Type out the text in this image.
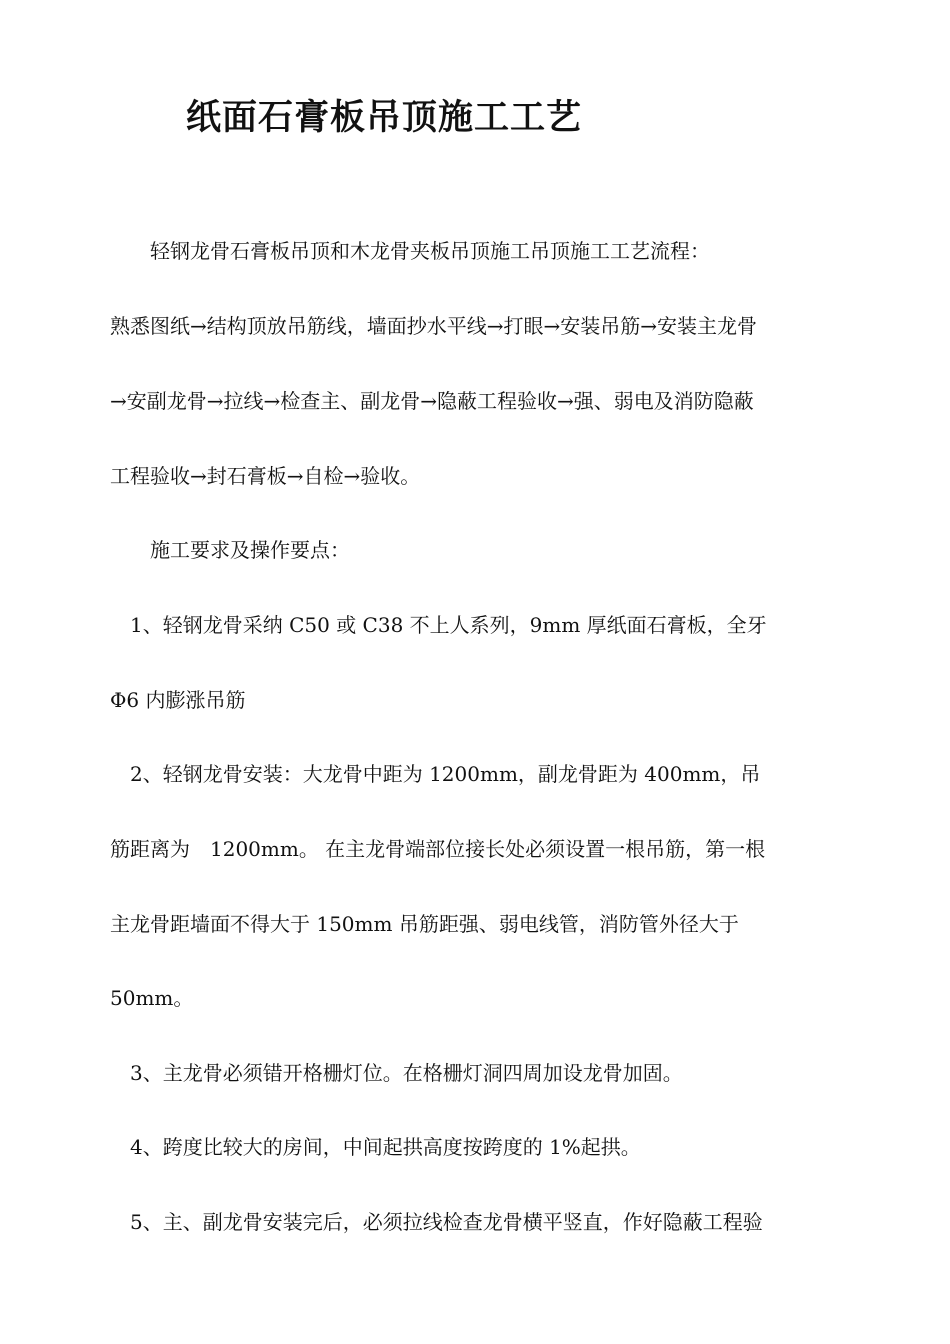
纸面石膏板吊顶施工工艺

　　轻钢龙骨石膏板吊顶和木龙骨夹板吊顶施工吊顶施工工艺流程：

熟悉图纸→结构顶放吊筋线，墙面抄水平线→打眼→安装吊筋→安装主龙骨

→安副龙骨→拉线→检查主、副龙骨→隐蔽工程验收→强、弱电及消防隐蔽

工程验收→封石膏板→自检→验收。

　　施工要求及操作要点：

　1、轻钢龙骨采纳 C50 或 C38 不上人系列，9mm 厚纸面石膏板，全牙

Φ6 内膨涨吊筋

　2、轻钢龙骨安装：大龙骨中距为 1200mm，副龙骨距为 400mm，吊

筋距离为　1200mm。 在主龙骨端部位接长处必须设置一根吊筋，第一根

主龙骨距墙面不得大于 150mm 吊筋距强、弱电线管，消防管外径大于

50mm。

　3、主龙骨必须错开格栅灯位。在格栅灯洞四周加设龙骨加固。

　4、跨度比较大的房间，中间起拱高度按跨度的 1%起拱。

　5、主、副龙骨安装完后，必须拉线检查龙骨横平竖直，作好隐蔽工程验
